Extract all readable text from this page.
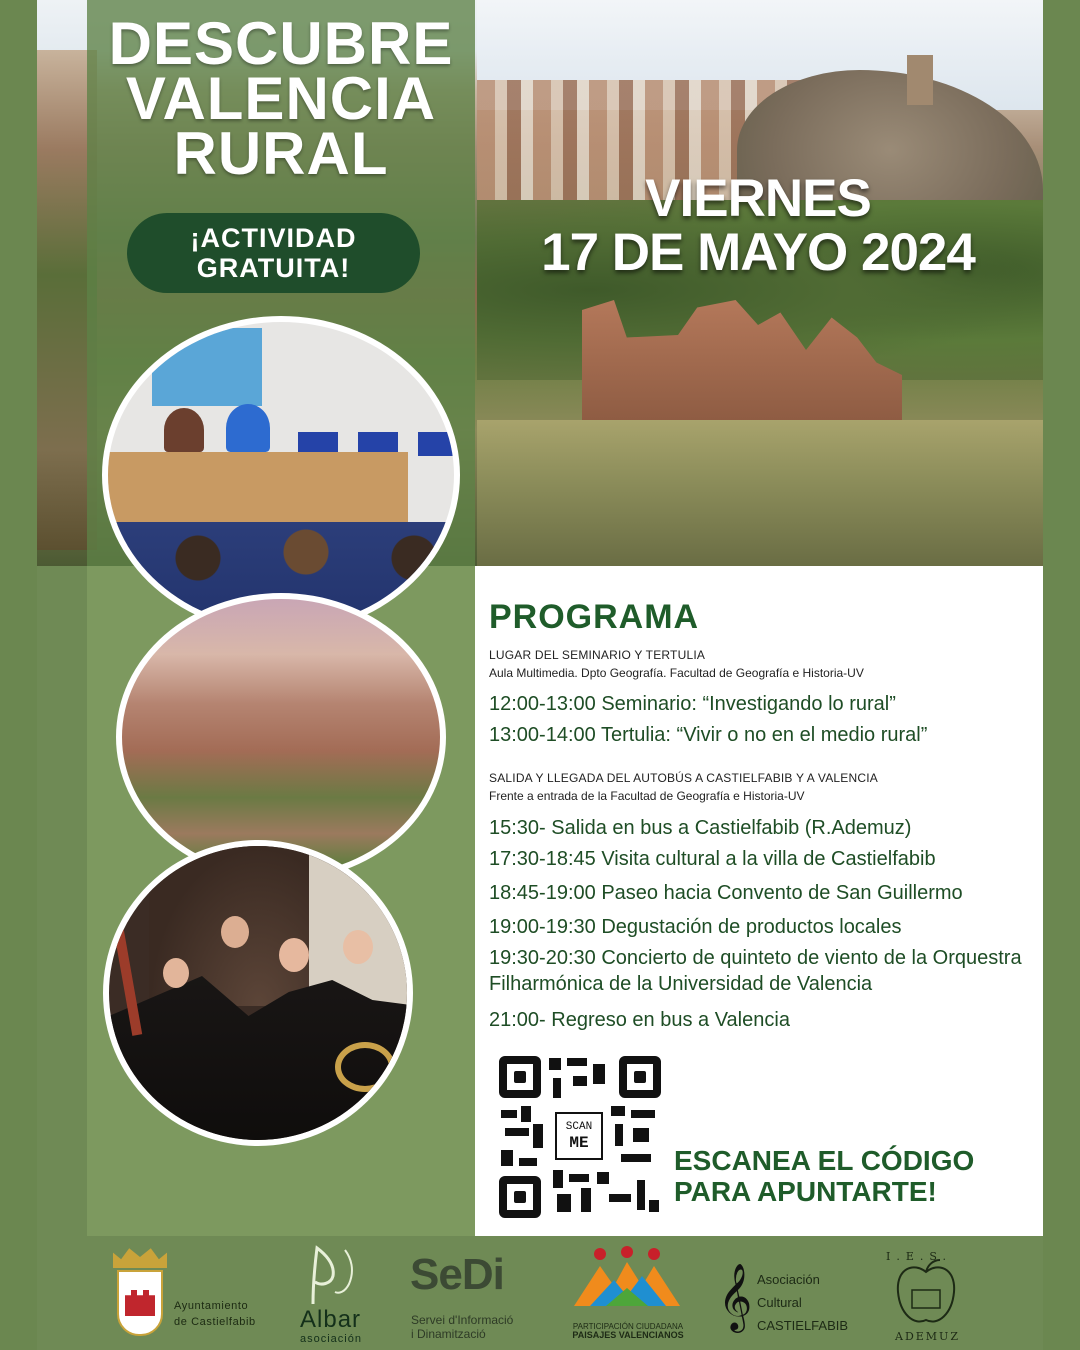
DESCUBRE
VALENCIA
RURAL
¡ACTIVIDAD
GRATUITA!
VIERNES
17 DE MAYO 2024
PROGRAMA
LUGAR DEL SEMINARIO Y TERTULIA
Aula Multimedia. Dpto Geografía. Facultad de Geografía e Historia-UV
12:00-13:00 Seminario: “Investigando lo rural”
13:00-14:00 Tertulia: “Vivir o no en el medio rural”
SALIDA Y LLEGADA DEL AUTOBÚS A CASTIELFABIB Y A VALENCIA
Frente a entrada de la Facultad de Geografía e Historia-UV
15:30- Salida en bus a Castielfabib (R.Ademuz)
17:30-18:45 Visita cultural a la villa de Castielfabib
18:45-19:00 Paseo hacia Convento de San Guillermo
19:00-19:30 Degustación de productos locales
19:30-20:30 Concierto de quinteto de viento de la Orquestra Filharmónica de la Universidad de Valencia
21:00- Regreso en bus a Valencia
SCAN
ME
ESCANEA EL CÓDIGO
PARA APUNTARTE!
Ayuntamiento
de Castielfabib Albar
asociación
SeDi
Servei d'Informació
i Dinamització
PARTICIPACIÓN CIUDADANA
PAISAJES VALENCIANOS
𝄞 Asociación
Cultural
CASTIELFABIB
I.E.S.
ADEMUZ
